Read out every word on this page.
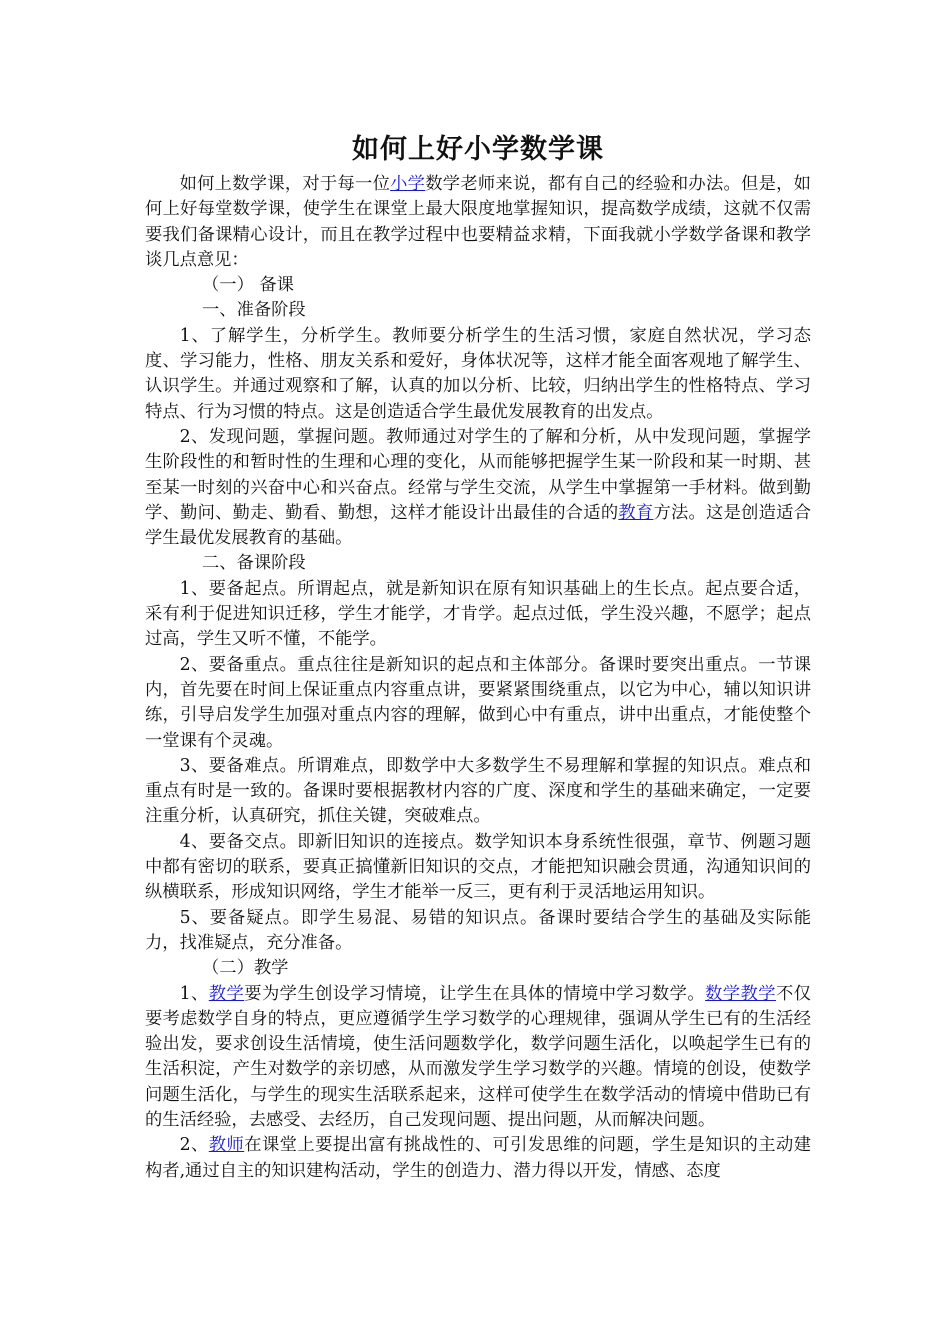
如何上好小学数学课

如何上数学课，对于每一位小学数学老师来说，都有自己的经验和办法。但是，如何上好每堂数学课，使学生在课堂上最大限度地掌握知识，提高数学成绩，这就不仅需要我们备课精心设计，而且在教学过程中也要精益求精，下面我就小学数学备课和教学谈几点意见：

（一） 备课

一、准备阶段

1、了解学生，分析学生。教师要分析学生的生活习惯，家庭自然状况，学习态度、学习能力，性格、朋友关系和爱好，身体状况等，这样才能全面客观地了解学生、认识学生。并通过观察和了解，认真的加以分析、比较，归纳出学生的性格特点、学习特点、行为习惯的特点。这是创造适合学生最优发展教育的出发点。

2、发现问题，掌握问题。教师通过对学生的了解和分析，从中发现问题，掌握学生阶段性的和暂时性的生理和心理的变化，从而能够把握学生某一阶段和某一时期、甚至某一时刻的兴奋中心和兴奋点。经常与学生交流，从学生中掌握第一手材料。做到勤学、勤问、勤走、勤看、勤想，这样才能设计出最佳的合适的教育方法。这是创造适合学生最优发展教育的基础。

二、备课阶段

1、要备起点。所谓起点，就是新知识在原有知识基础上的生长点。起点要合适，采有利于促进知识迁移，学生才能学，才肯学。起点过低，学生没兴趣，不愿学；起点过高，学生又听不懂，不能学。

2、要备重点。重点往往是新知识的起点和主体部分。备课时要突出重点。一节课内，首先要在时间上保证重点内容重点讲，要紧紧围绕重点，以它为中心，辅以知识讲练，引导启发学生加强对重点内容的理解，做到心中有重点，讲中出重点，才能使整个一堂课有个灵魂。

3、要备难点。所谓难点，即数学中大多数学生不易理解和掌握的知识点。难点和重点有时是一致的。备课时要根据教材内容的广度、深度和学生的基础来确定，一定要注重分析，认真研究，抓住关键，突破难点。

4、要备交点。即新旧知识的连接点。数学知识本身系统性很强，章节、例题习题中都有密切的联系，要真正搞懂新旧知识的交点，才能把知识融会贯通，沟通知识间的纵横联系，形成知识网络，学生才能举一反三，更有利于灵活地运用知识。

5、要备疑点。即学生易混、易错的知识点。备课时要结合学生的基础及实际能力，找准疑点，充分准备。

（二）教学

1、教学要为学生创设学习情境，让学生在具体的情境中学习数学。数学教学不仅要考虑数学自身的特点，更应遵循学生学习数学的心理规律，强调从学生已有的生活经验出发，要求创设生活情境，使生活问题数学化，数学问题生活化，以唤起学生已有的生活积淀，产生对数学的亲切感，从而激发学生学习数学的兴趣。情境的创设，使数学问题生活化，与学生的现实生活联系起来，这样可使学生在数学活动的情境中借助已有的生活经验，去感受、去经历，自己发现问题、提出问题，从而解决问题。

2、教师在课堂上要提出富有挑战性的、可引发思维的问题，学生是知识的主动建构者,通过自主的知识建构活动，学生的创造力、潜力得以开发，情感、态度
